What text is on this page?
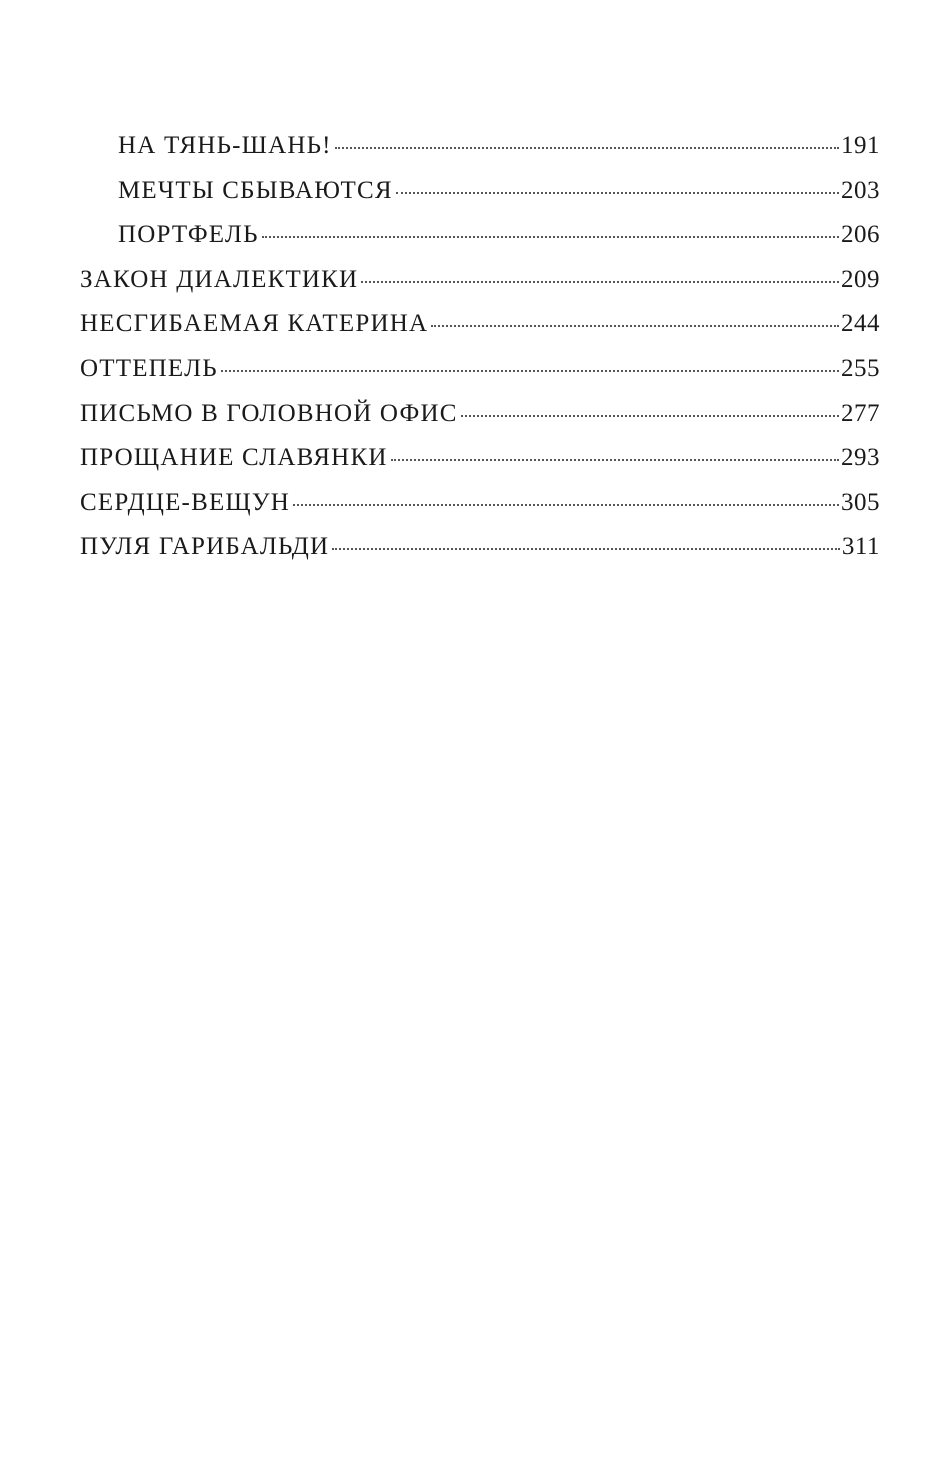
НА ТЯНЬ-ШАНЬ!	191
МЕЧТЫ СБЫВАЮТСЯ	203
ПОРТФЕЛЬ	206
ЗАКОН ДИАЛЕКТИКИ	209
НЕСГИБАЕМАЯ КАТЕРИНА	244
ОТТЕПЕЛЬ	255
ПИСЬМО В ГОЛОВНОЙ ОФИС	277
ПРОЩАНИЕ СЛАВЯНКИ	293
СЕРДЦЕ-ВЕЩУН	305
ПУЛЯ ГАРИБАЛЬДИ	311
